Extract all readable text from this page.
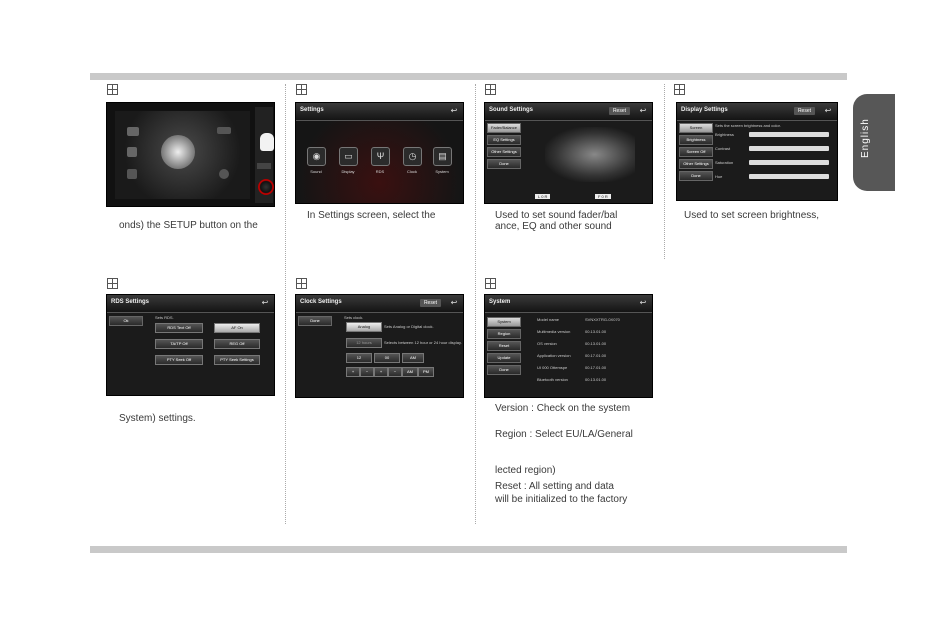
English
onds) the SETUP button on the
Settings	↩
◉	▭	Ψ	◷	▤
Sound	Display	RDS	Clock	System
In Settings screen, select the
Sound Settings	Reset	↩
Fader/Balance
EQ Settings
Other Settings
Done
L 0 R	F 0 R
Used to set sound fader/bal
ance, EQ and other sound
Display Settings	Reset	↩
Sets the screen brightness and color.
Screen
Brightness
Screen Off
Other Settings
Done
Brightness
Contrast
Saturation
Hue
Used to set screen brightness,
RDS Settings	↩
Ok
Sets RDS.
RDS Text Off	AF On
TA/TP Off	REG Off
PTY Seek Off	PTY Seek Settings
System) settings.
Clock Settings	Reset	↩
Done
Sets clock.
Analog	Sets Analog or Digital clock.
12 hours	Selects between 12 hour or 24 hour display.
12	00	AM
+	−	+	−	AM	PM
System	↩
System
Region
Reset
Update
Done
Model name	SVNXXTRG-0X070
Multimedia version	00.13.01.00
OS version	00.13.01.00
Application version	00.17.01.00
UI 000 Ottemspe	00.17.01.00
Bluetooth version	00.13.01.00
Version : Check on the system
Region : Select EU/LA/General
lected region)
Reset : All setting and data
will be initialized to the factory
